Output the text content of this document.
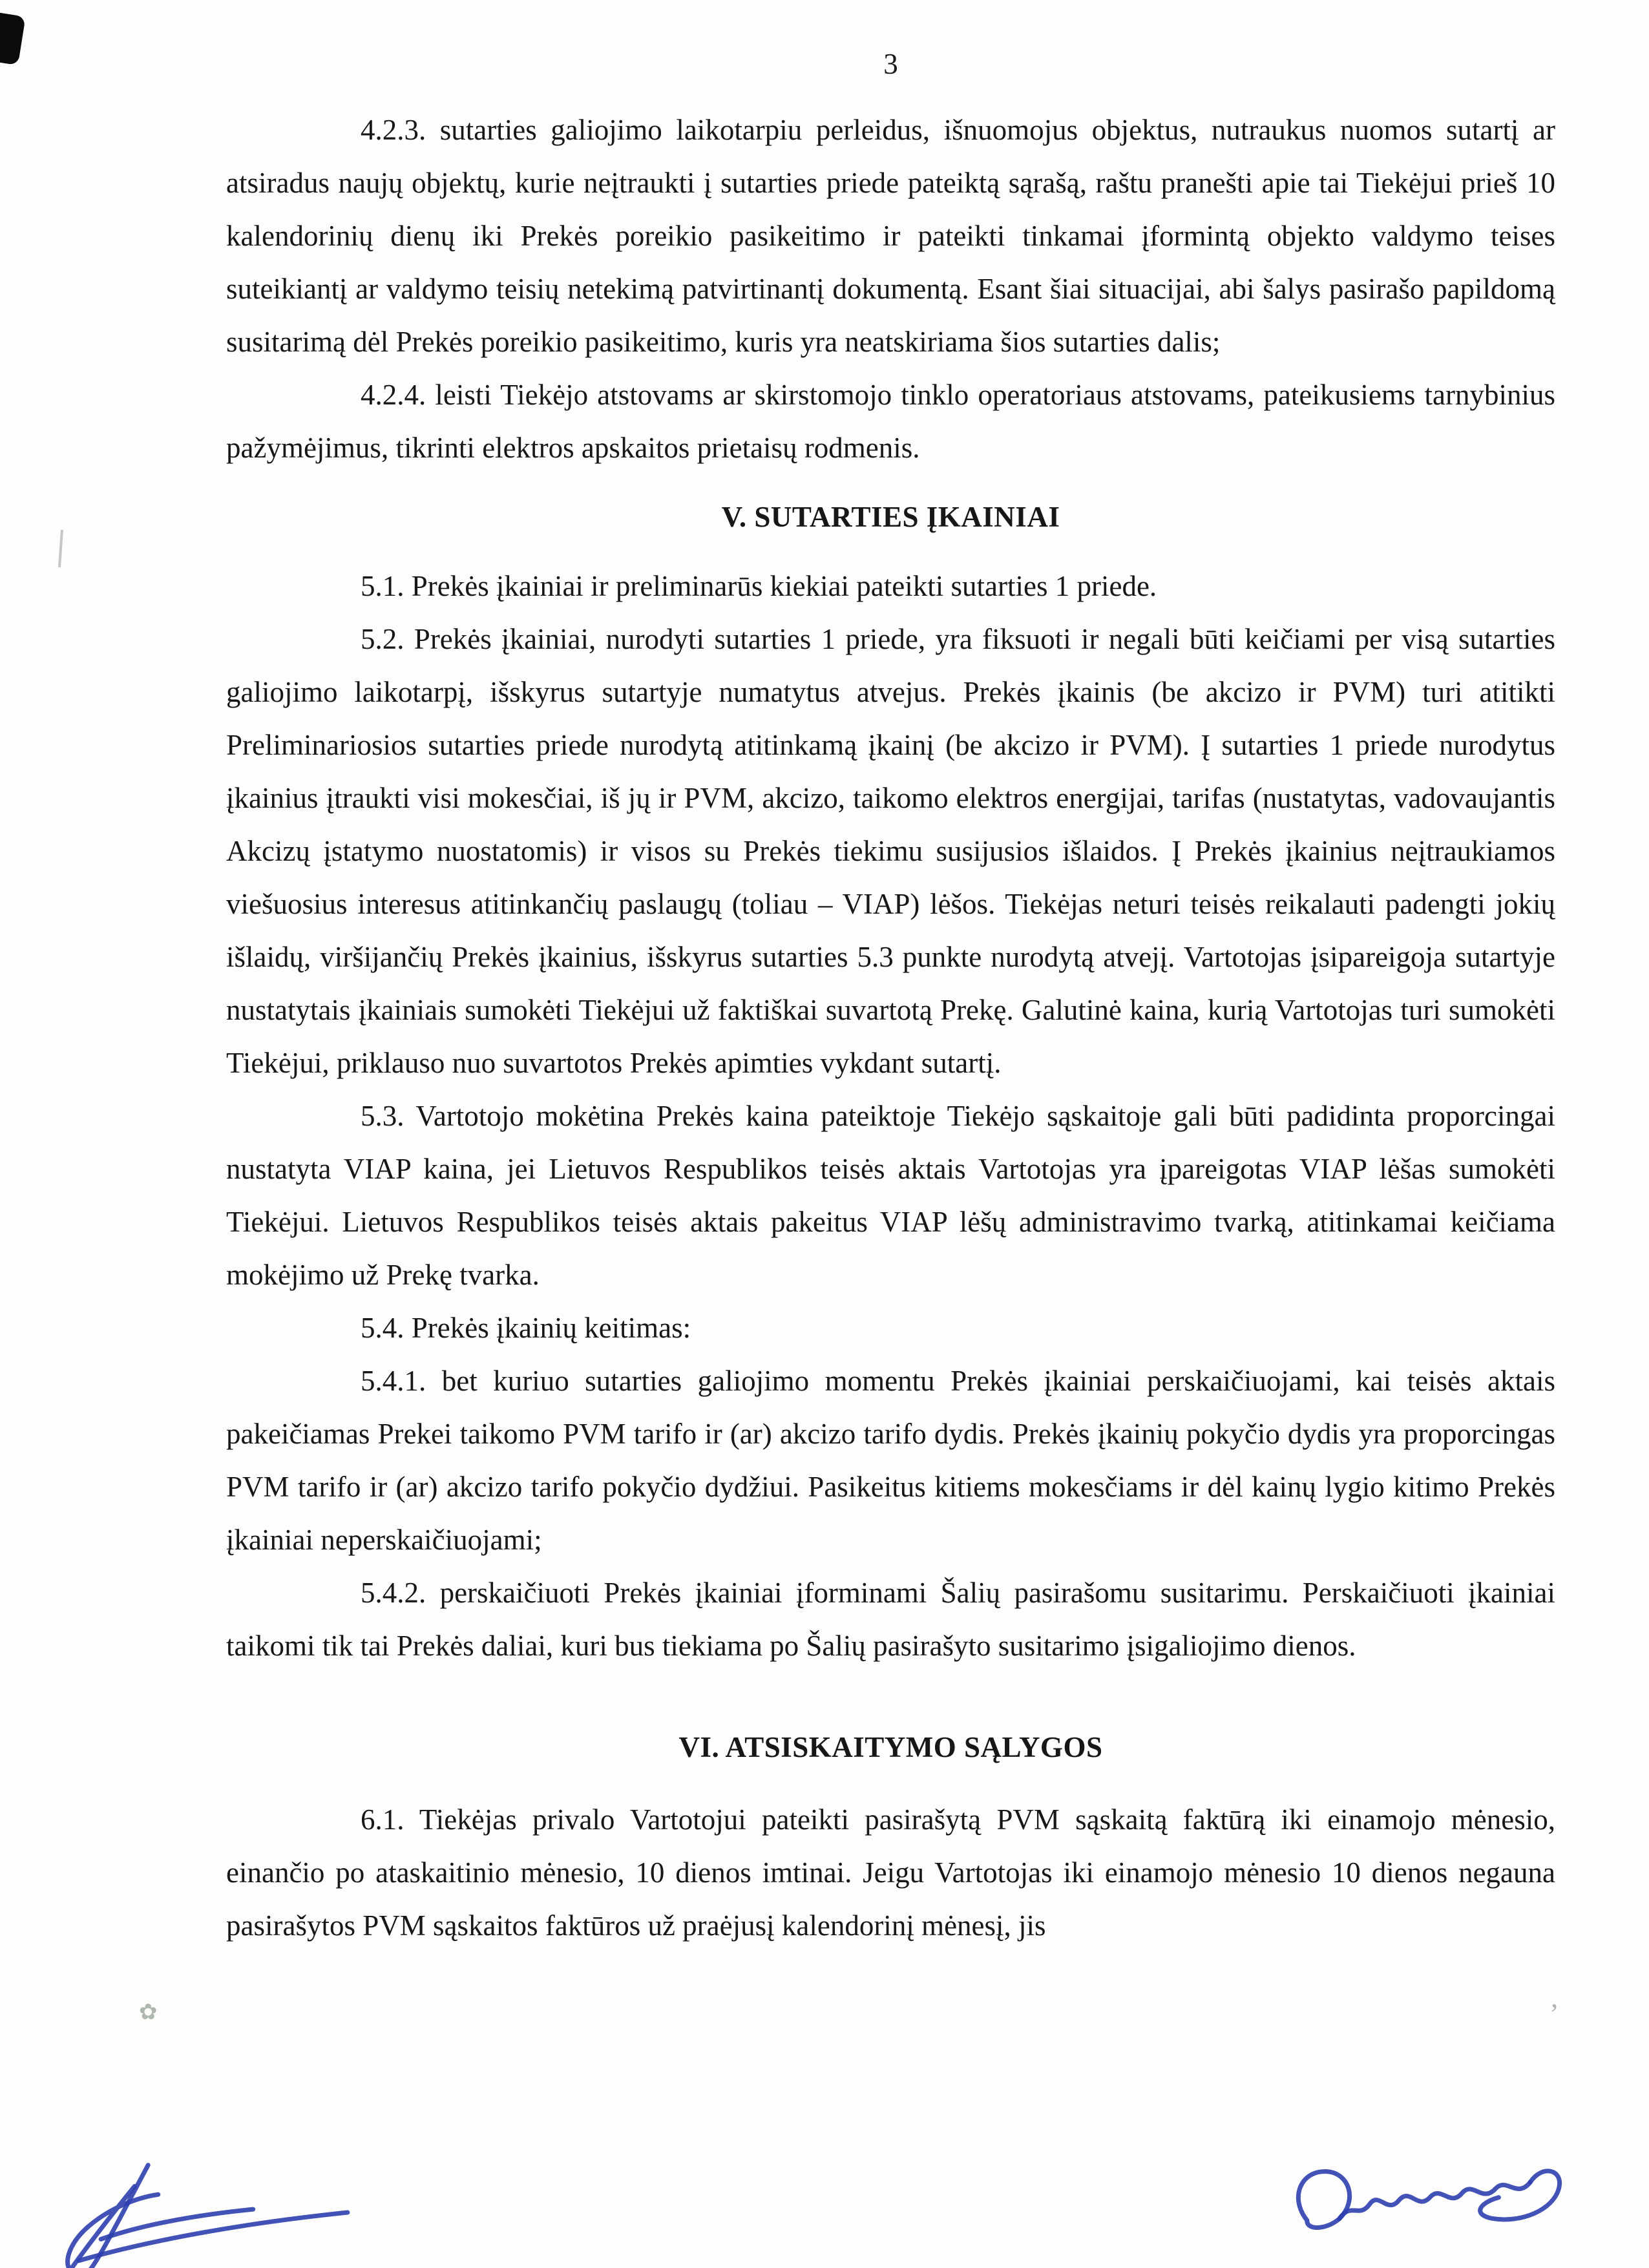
✿	’
3

4.2.3. sutarties galiojimo laikotarpiu perleidus, išnuomojus objektus, nutraukus nuomos sutartį ar atsiradus naujų objektų, kurie neįtraukti į sutarties priede pateiktą sąrašą, raštu pranešti apie tai Tiekėjui prieš 10 kalendorinių dienų iki Prekės poreikio pasikeitimo ir pateikti tinkamai įformintą objekto valdymo teises suteikiantį ar valdymo teisių netekimą patvirtinantį dokumentą. Esant šiai situacijai, abi šalys pasirašo papildomą susitarimą dėl Prekės poreikio pasikeitimo, kuris yra neatskiriama šios sutarties dalis;

4.2.4. leisti Tiekėjo atstovams ar skirstomojo tinklo operatoriaus atstovams, pateikusiems tarnybinius pažymėjimus, tikrinti elektros apskaitos prietaisų rodmenis.

V. SUTARTIES ĮKAINIAI

5.1. Prekės įkainiai ir preliminarūs kiekiai pateikti sutarties 1 priede.

5.2. Prekės įkainiai, nurodyti sutarties 1 priede, yra fiksuoti ir negali būti keičiami per visą sutarties galiojimo laikotarpį, išskyrus sutartyje numatytus atvejus. Prekės įkainis (be akcizo ir PVM) turi atitikti Preliminariosios sutarties priede nurodytą atitinkamą įkainį (be akcizo ir PVM). Į sutarties 1 priede nurodytus įkainius įtraukti visi mokesčiai, iš jų ir PVM, akcizo, taikomo elektros energijai, tarifas (nustatytas, vadovaujantis Akcizų įstatymo nuostatomis) ir visos su Prekės tiekimu susijusios išlaidos. Į Prekės įkainius neįtraukiamos viešuosius interesus atitinkančių paslaugų (toliau – VIAP) lėšos. Tiekėjas neturi teisės reikalauti padengti jokių išlaidų, viršijančių Prekės įkainius, išskyrus sutarties 5.3 punkte nurodytą atvejį. Vartotojas įsipareigoja sutartyje nustatytais įkainiais sumokėti Tiekėjui už faktiškai suvartotą Prekę. Galutinė kaina, kurią Vartotojas turi sumokėti Tiekėjui, priklauso nuo suvartotos Prekės apimties vykdant sutartį.

5.3. Vartotojo mokėtina Prekės kaina pateiktoje Tiekėjo sąskaitoje gali būti padidinta proporcingai nustatyta VIAP kaina, jei Lietuvos Respublikos teisės aktais Vartotojas yra įpareigotas VIAP lėšas sumokėti Tiekėjui. Lietuvos Respublikos teisės aktais pakeitus VIAP lėšų administravimo tvarką, atitinkamai keičiama mokėjimo už Prekę tvarka.

5.4. Prekės įkainių keitimas:

5.4.1. bet kuriuo sutarties galiojimo momentu Prekės įkainiai perskaičiuojami, kai teisės aktais pakeičiamas Prekei taikomo PVM tarifo ir (ar) akcizo tarifo dydis. Prekės įkainių pokyčio dydis yra proporcingas PVM tarifo ir (ar) akcizo tarifo pokyčio dydžiui. Pasikeitus kitiems mokesčiams ir dėl kainų lygio kitimo Prekės įkainiai neperskaičiuojami;

5.4.2. perskaičiuoti Prekės įkainiai įforminami Šalių pasirašomu susitarimu. Perskaičiuoti įkainiai taikomi tik tai Prekės daliai, kuri bus tiekiama po Šalių pasirašyto susitarimo įsigaliojimo dienos.

VI. ATSISKAITYMO SĄLYGOS

6.1. Tiekėjas privalo Vartotojui pateikti pasirašytą PVM sąskaitą faktūrą iki einamojo mėnesio, einančio po ataskaitinio mėnesio, 10 dienos imtinai. Jeigu Vartotojas iki einamojo mėnesio 10 dienos negauna pasirašytos PVM sąskaitos faktūros už praėjusį kalendorinį mėnesį, jis
